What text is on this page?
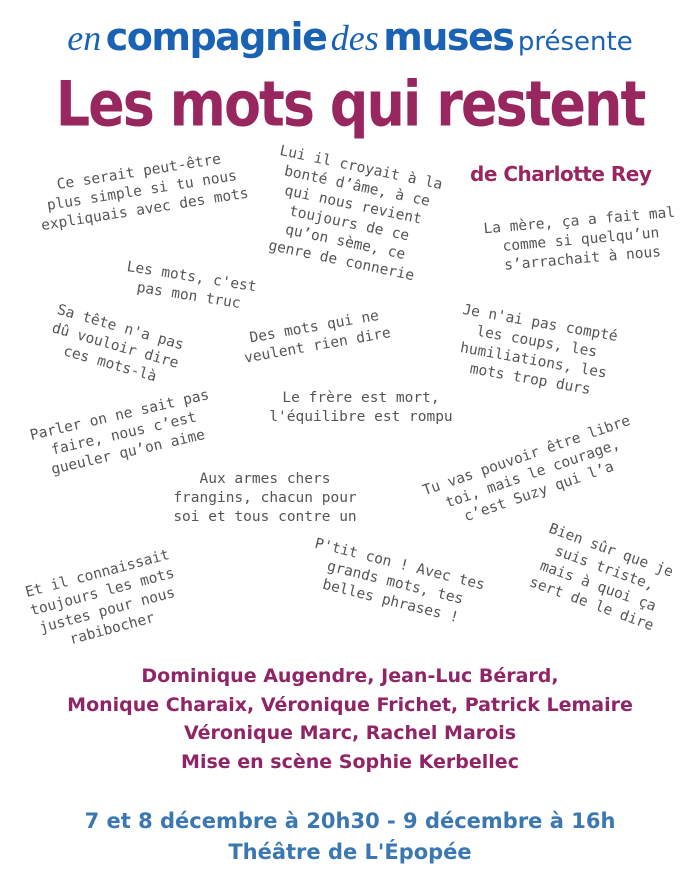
en compagnie des muses présente
Les mots qui restent
de Charlotte Rey
Ce serait peut-être
plus simple si tu nous
expliquais avec des mots
Lui il croyait à la
bonté d’âme, à ce
qui nous revient
toujours de ce
qu’on sème, ce
genre de connerie
La mère, ça a fait mal
comme si quelqu’un
s’arrachait à nous
Les mots, c'est
pas mon truc
Sa tête n'a pas
dû vouloir dire
ces mots-là
Des mots qui ne
veulent rien dire
Je n'ai pas compté
les coups, les
humiliations, les
mots trop durs
Le frère est mort,
l'équilibre est rompu
Parler on ne sait pas
faire, nous c’est
gueuler qu’on aime
Aux armes chers
frangins, chacun pour
soi et tous contre un
Tu vas pouvoir être libre
toi, mais le courage,
c’est Suzy qui l’a
Et il connaissait
toujours les mots
justes pour nous
rabibocher
P'tit con ! Avec tes
grands mots, tes
belles phrases !
Bien sûr que je
suis triste,
mais à quoi ça
sert de le dire
Dominique Augendre, Jean-Luc Bérard,
Monique Charaix, Véronique Frichet, Patrick Lemaire
Véronique Marc, Rachel Marois
Mise en scène Sophie Kerbellec
7 et 8 décembre à 20h30 - 9 décembre à 16h
Théâtre de L'Épopée
